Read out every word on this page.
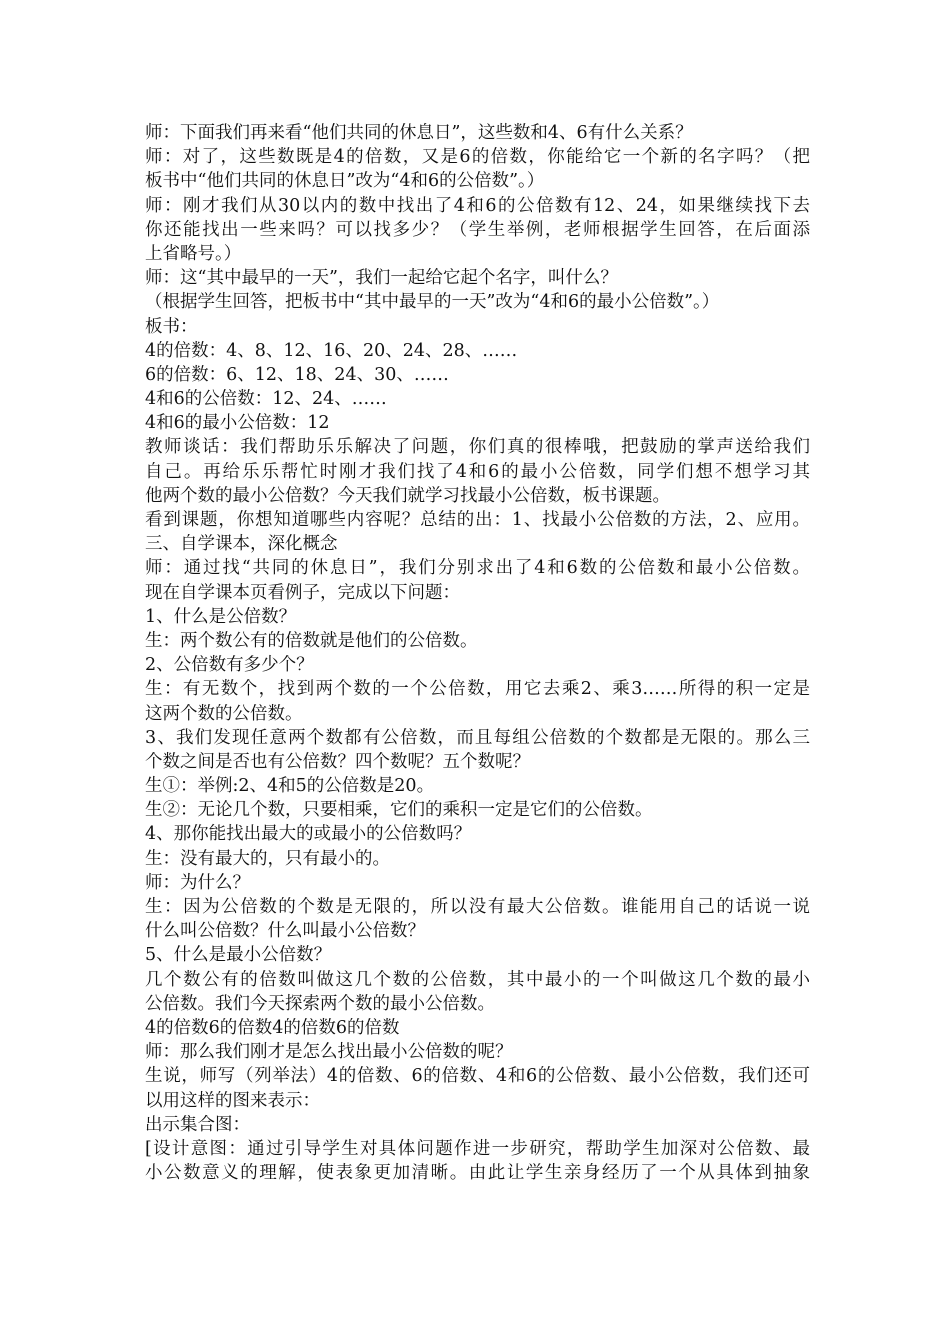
师：下面我们再来看“他们共同的休息日”，这些数和4、6有什么关系？
师：对了，这些数既是4的倍数，又是6的倍数，你能给它一个新的名字吗？（把
板书中“他们共同的休息日”改为“4和6的公倍数”。）
师：刚才我们从30以内的数中找出了4和6的公倍数有12、24，如果继续找下去
你还能找出一些来吗？可以找多少？（学生举例，老师根据学生回答，在后面添
上省略号。）
师：这“其中最早的一天”，我们一起给它起个名字，叫什么？
（根据学生回答，把板书中“其中最早的一天”改为“4和6的最小公倍数”。）
板书：
4的倍数：4、8、12、16、20、24、28、……
6的倍数：6、12、18、24、30、……
4和6的公倍数：12、24、……
4和6的最小公倍数：12
教师谈话：我们帮助乐乐解决了问题，你们真的很棒哦，把鼓励的掌声送给我们
自己。再给乐乐帮忙时刚才我们找了4和6的最小公倍数，同学们想不想学习其
他两个数的最小公倍数？今天我们就学习找最小公倍数，板书课题。
看到课题，你想知道哪些内容呢？总结的出：1、找最小公倍数的方法，2、应用。
三、自学课本，深化概念
师：通过找“共同的休息日”，我们分别求出了4和6数的公倍数和最小公倍数。
现在自学课本页看例子，完成以下问题：
1、什么是公倍数？
生：两个数公有的倍数就是他们的公倍数。
2、公倍数有多少个？
生：有无数个，找到两个数的一个公倍数，用它去乘2、乘3……所得的积一定是
这两个数的公倍数。
3、我们发现任意两个数都有公倍数，而且每组公倍数的个数都是无限的。那么三
个数之间是否也有公倍数？四个数呢？五个数呢？
生①：举例:2、4和5的公倍数是20。
生②：无论几个数，只要相乘，它们的乘积一定是它们的公倍数。
4、那你能找出最大的或最小的公倍数吗？
生：没有最大的，只有最小的。
师：为什么？
生：因为公倍数的个数是无限的，所以没有最大公倍数。谁能用自己的话说一说
什么叫公倍数？什么叫最小公倍数？
5、什么是最小公倍数？
几个数公有的倍数叫做这几个数的公倍数，其中最小的一个叫做这几个数的最小
公倍数。我们今天探索两个数的最小公倍数。
4的倍数6的倍数4的倍数6的倍数
师：那么我们刚才是怎么找出最小公倍数的呢？
生说，师写（列举法）4的倍数、6的倍数、4和6的公倍数、最小公倍数，我们还可
以用这样的图来表示：
出示集合图：
[设计意图：通过引导学生对具体问题作进一步研究，帮助学生加深对公倍数、最
小公数意义的理解，使表象更加清晰。由此让学生亲身经历了一个从具体到抽象
